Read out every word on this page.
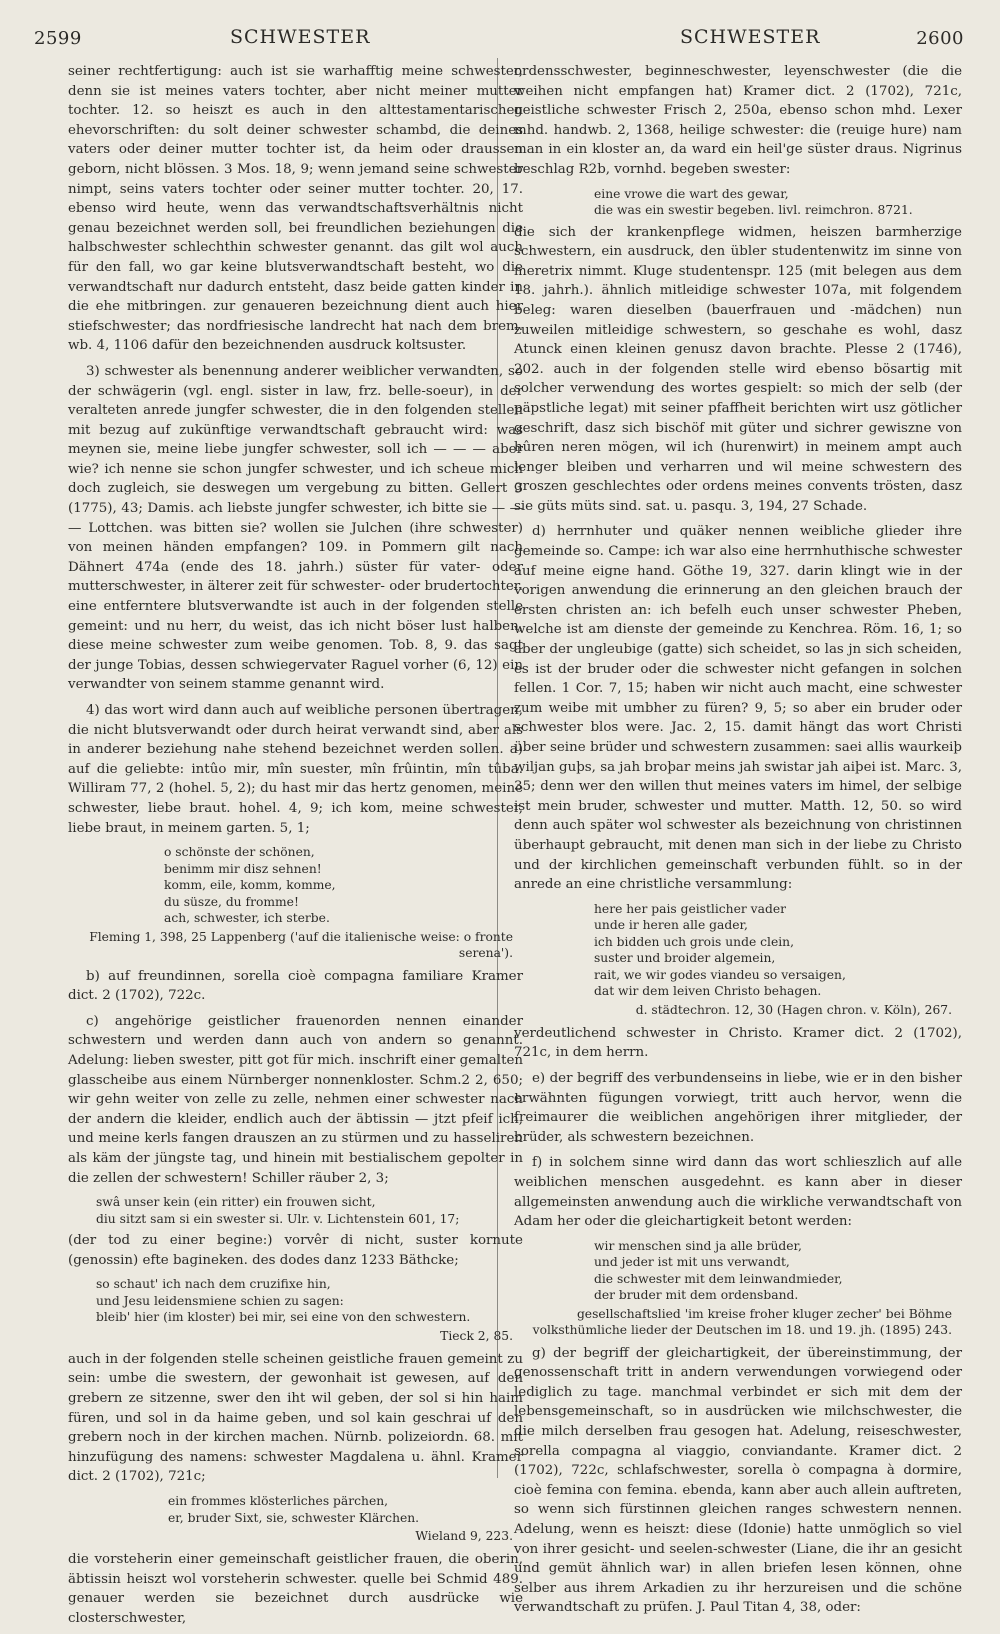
2599	SCHWESTER	SCHWESTER	2600

seiner rechtfertigung: auch ist sie warhafftig meine schwester, denn sie ist meines vaters tochter, aber nicht meiner mutter tochter. 12. so heiszt es auch in den alttestamentarischen ehevorschriften: du solt deiner schwester schambd, die deines vaters oder deiner mutter tochter ist, da heim oder draussen geborn, nicht blössen. 3 Mos. 18, 9; wenn jemand seine schwester nimpt, seins vaters tochter oder seiner mutter tochter. 20, 17. ebenso wird heute, wenn das verwandtschaftsverhältnis nicht genau bezeichnet werden soll, bei freundlichen beziehungen die halbschwester schlechthin schwester genannt. das gilt wol auch für den fall, wo gar keine blutsverwandtschaft besteht, wo die verwandtschaft nur dadurch entsteht, dasz beide gatten kinder in die ehe mitbringen. zur genaueren bezeichnung dient auch hier stiefschwester; das nordfriesische landrecht hat nach dem brem. wb. 4, 1106 dafür den bezeichnenden ausdruck koltsuster.

3) schwester als benennung anderer weiblicher verwandten, so der schwägerin (vgl. engl. sister in law, frz. belle-soeur), in der veralteten anrede jungfer schwester, die in den folgenden stellen mit bezug auf zukünftige verwandtschaft gebraucht wird: was meynen sie, meine liebe jungfer schwester, soll ich — — — aber wie? ich nenne sie schon jungfer schwester, und ich scheue mich doch zugleich, sie deswegen um vergebung zu bitten. Gellert 3 (1775), 43; Damis. ach liebste jungfer schwester, ich bitte sie — — — Lottchen. was bitten sie? wollen sie Julchen (ihre schwester) von meinen händen empfangen? 109. in Pommern gilt nach Dähnert 474a (ende des 18. jahrh.) süster für vater- oder mutterschwester, in älterer zeit für schwester- oder brudertochter. eine entferntere blutsverwandte ist auch in der folgenden stelle gemeint: und nu herr, du weist, das ich nicht böser lust halben, diese meine schwester zum weibe genomen. Tob. 8, 9. das sagt der junge Tobias, dessen schwiegervater Raguel vorher (6, 12) ein verwandter von seinem stamme genannt wird.

4) das wort wird dann auch auf weibliche personen übertragen, die nicht blutsverwandt oder durch heirat verwandt sind, aber als in anderer beziehung nahe stehend bezeichnet werden sollen. a) auf die geliebte: intûo mir, mîn suester, mîn frûintin, mîn tûba. Williram 77, 2 (hohel. 5, 2); du hast mir das hertz genomen, meine schwester, liebe braut. hohel. 4, 9; ich kom, meine schwester, liebe braut, in meinem garten. 5, 1;

o schönste der schönen,
benimm mir disz sehnen!
komm, eile, komm, komme,
du süsze, du fromme!
ach, schwester, ich sterbe.
Fleming 1, 398, 25 Lappenberg ('auf die italienische weise: o fronte serena').

b) auf freundinnen, sorella cioè compagna familiare Kramer dict. 2 (1702), 722c.

c) angehörige geistlicher frauenorden nennen einander schwestern und werden dann auch von andern so genannt. Adelung: lieben swester, pitt got für mich. inschrift einer gemalten glasscheibe aus einem Nürnberger nonnenkloster. Schm.2 2, 650; wir gehn weiter von zelle zu zelle, nehmen einer schwester nach der andern die kleider, endlich auch der äbtissin — jtzt pfeif ich, und meine kerls fangen drauszen an zu stürmen und zu hasseliren als käm der jüngste tag, und hinein mit bestialischem gepolter in die zellen der schwestern! Schiller räuber 2, 3;

swâ unser kein (ein ritter) ein frouwen sicht,
diu sitzt sam si ein swester si. Ulr. v. Lichtenstein 601, 17;

(der tod zu einer begine:) vorvêr di nicht, suster kornute (genossin) efte bagineken. des dodes danz 1233 Bäthcke;

so schaut' ich nach dem cruzifixe hin,
und Jesu leidensmiene schien zu sagen:
bleib' hier (im kloster) bei mir, sei eine von den schwestern.
Tieck 2, 85.

auch in der folgenden stelle scheinen geistliche frauen gemeint zu sein: umbe die swestern, der gewonhait ist gewesen, auf den grebern ze sitzenne, swer den iht wil geben, der sol si hin haim füren, und sol in da haime geben, und sol kain geschrai uf den grebern noch in der kirchen machen. Nürnb. polizeiordn. 68. mit hinzufügung des namens: schwester Magdalena u. ähnl. Kramer dict. 2 (1702), 721c;

ein frommes klösterliches pärchen,
er, bruder Sixt, sie, schwester Klärchen.
Wieland 9, 223.

die vorsteherin einer gemeinschaft geistlicher frauen, die oberin, äbtissin heiszt wol vorsteherin schwester. quelle bei Schmid 489. genauer werden sie bezeichnet durch ausdrücke wie closterschwester,

ordensschwester, beginneschwester, leyenschwester (die die weihen nicht empfangen hat) Kramer dict. 2 (1702), 721c, geistliche schwester Frisch 2, 250a, ebenso schon mhd. Lexer mhd. handwb. 2, 1368, heilige schwester: die (reuige hure) nam man in ein kloster an, da ward ein heil'ge süster draus. Nigrinus beschlag R2b, vornhd. begeben swester:

eine vrowe die wart des gewar,
die was ein swestir begeben. livl. reimchron. 8721.

die sich der krankenpflege widmen, heiszen barmherzige schwestern, ein ausdruck, den übler studentenwitz im sinne von meretrix nimmt. Kluge studentenspr. 125 (mit belegen aus dem 18. jahrh.). ähnlich mitleidige schwester 107a, mit folgendem beleg: waren dieselben (bauerfrauen und -mädchen) nun zuweilen mitleidige schwestern, so geschahe es wohl, dasz Atunck einen kleinen genusz davon brachte. Plesse 2 (1746), 202. auch in der folgenden stelle wird ebenso bösartig mit solcher verwendung des wortes gespielt: so mich der selb (der päpstliche legat) mit seiner pfaffheit berichten wirt usz götlicher geschrift, dasz sich bischöf mit güter und sichrer gewiszne von hûren neren mögen, wil ich (hurenwirt) in meinem ampt auch lenger bleiben und verharren und wil meine schwestern des groszen geschlechtes oder ordens meines convents trösten, dasz sie güts müts sind. sat. u. pasqu. 3, 194, 27 Schade.

d) herrnhuter und quäker nennen weibliche glieder ihre gemeinde so. Campe: ich war also eine herrnhuthische schwester auf meine eigne hand. Göthe 19, 327. darin klingt wie in der vorigen anwendung die erinnerung an den gleichen brauch der ersten christen an: ich befelh euch unser schwester Pheben, welche ist am dienste der gemeinde zu Kenchrea. Röm. 16, 1; so aber der ungleubige (gatte) sich scheidet, so las jn sich scheiden, es ist der bruder oder die schwester nicht gefangen in solchen fellen. 1 Cor. 7, 15; haben wir nicht auch macht, eine schwester zum weibe mit umbher zu füren? 9, 5; so aber ein bruder oder schwester blos were. Jac. 2, 15. damit hängt das wort Christi über seine brüder und schwestern zusammen: saei allis waurkeiþ wiljan guþs, sa jah broþar meins jah swistar jah aiþei ist. Marc. 3, 35; denn wer den willen thut meines vaters im himel, der selbige ist mein bruder, schwester und mutter. Matth. 12, 50. so wird denn auch später wol schwester als bezeichnung von christinnen überhaupt gebraucht, mit denen man sich in der liebe zu Christo und der kirchlichen gemeinschaft verbunden fühlt. so in der anrede an eine christliche versammlung:

here her pais geistlicher vader
unde ir heren alle gader,
ich bidden uch grois unde clein,
suster und broider algemein,
rait, we wir godes viandeu so versaigen,
dat wir dem leiven Christo behagen.
d. städtechron. 12, 30 (Hagen chron. v. Köln), 267.

verdeutlichend schwester in Christo. Kramer dict. 2 (1702), 721c, in dem herrn.

e) der begriff des verbundenseins in liebe, wie er in den bisher erwähnten fügungen vorwiegt, tritt auch hervor, wenn die freimaurer die weiblichen angehörigen ihrer mitglieder, der brüder, als schwestern bezeichnen.

f) in solchem sinne wird dann das wort schlieszlich auf alle weiblichen menschen ausgedehnt. es kann aber in dieser allgemeinsten anwendung auch die wirkliche verwandtschaft von Adam her oder die gleichartigkeit betont werden:

wir menschen sind ja alle brüder,
und jeder ist mit uns verwandt,
die schwester mit dem leinwandmieder,
der bruder mit dem ordensband.
gesellschaftslied 'im kreise froher kluger zecher' bei Böhme volksthümliche lieder der Deutschen im 18. und 19. jh. (1895) 243.

g) der begriff der gleichartigkeit, der übereinstimmung, der genossenschaft tritt in andern verwendungen vorwiegend oder lediglich zu tage. manchmal verbindet er sich mit dem der lebensgemeinschaft, so in ausdrücken wie milchschwester, die die milch derselben frau gesogen hat. Adelung, reiseschwester, sorella compagna al viaggio, conviandante. Kramer dict. 2 (1702), 722c, schlafschwester, sorella ò compagna à dormire, cioè femina con femina. ebenda, kann aber auch allein auftreten, so wenn sich fürstinnen gleichen ranges schwestern nennen. Adelung, wenn es heiszt: diese (Idonie) hatte unmöglich so viel von ihrer gesicht- und seelen-schwester (Liane, die ihr an gesicht und gemüt ähnlich war) in allen briefen lesen können, ohne selber aus ihrem Arkadien zu ihr herzureisen und die schöne verwandtschaft zu prüfen. J. Paul Titan 4, 38, oder:
